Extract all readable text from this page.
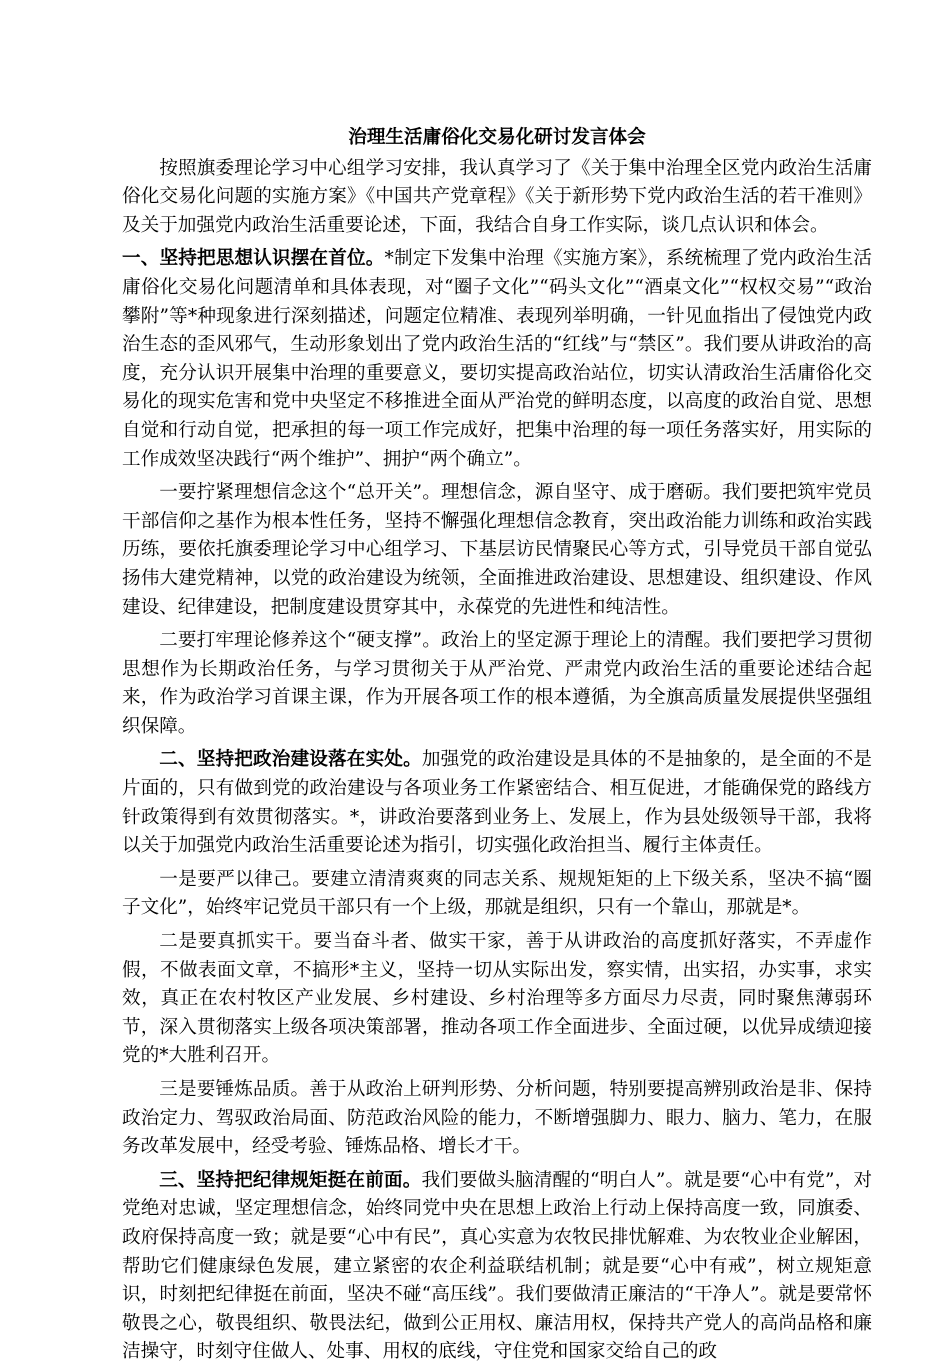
治理生活庸俗化交易化研讨发言体会

按照旗委理论学习中心组学习安排，我认真学习了《关于集中治理全区党内政治生活庸俗化交易化问题的实施方案》《中国共产党章程》《关于新形势下党内政治生活的若干准则》及关于加强党内政治生活重要论述，下面，我结合自身工作实际，谈几点认识和体会。

一、坚持把思想认识摆在首位。*制定下发集中治理《实施方案》，系统梳理了党内政治生活庸俗化交易化问题清单和具体表现，对“圈子文化”“码头文化”“酒桌文化”“权权交易”“政治攀附”等*种现象进行深刻描述，问题定位精准、表现列举明确，一针见血指出了侵蚀党内政治生态的歪风邪气，生动形象划出了党内政治生活的“红线”与“禁区”。我们要从讲政治的高度，充分认识开展集中治理的重要意义，要切实提高政治站位，切实认清政治生活庸俗化交易化的现实危害和党中央坚定不移推进全面从严治党的鲜明态度，以高度的政治自觉、思想自觉和行动自觉，把承担的每一项工作完成好，把集中治理的每一项任务落实好，用实际的工作成效坚决践行“两个维护”、拥护“两个确立”。

一要拧紧理想信念这个“总开关”。理想信念，源自坚守、成于磨砺。我们要把筑牢党员干部信仰之基作为根本性任务，坚持不懈强化理想信念教育，突出政治能力训练和政治实践历练，要依托旗委理论学习中心组学习、下基层访民情聚民心等方式，引导党员干部自觉弘扬伟大建党精神，以党的政治建设为统领，全面推进政治建设、思想建设、组织建设、作风建设、纪律建设，把制度建设贯穿其中，永葆党的先进性和纯洁性。

二要打牢理论修养这个“硬支撑”。政治上的坚定源于理论上的清醒。我们要把学习贯彻思想作为长期政治任务，与学习贯彻关于从严治党、严肃党内政治生活的重要论述结合起来，作为政治学习首课主课，作为开展各项工作的根本遵循，为全旗高质量发展提供坚强组织保障。

二、坚持把政治建设落在实处。加强党的政治建设是具体的不是抽象的，是全面的不是片面的，只有做到党的政治建设与各项业务工作紧密结合、相互促进，才能确保党的路线方针政策得到有效贯彻落实。*，讲政治要落到业务上、发展上，作为县处级领导干部，我将以关于加强党内政治生活重要论述为指引，切实强化政治担当、履行主体责任。

一是要严以律己。要建立清清爽爽的同志关系、规规矩矩的上下级关系，坚决不搞“圈子文化”，始终牢记党员干部只有一个上级，那就是组织，只有一个靠山，那就是*。

二是要真抓实干。要当奋斗者、做实干家，善于从讲政治的高度抓好落实，不弄虚作假，不做表面文章，不搞形*主义，坚持一切从实际出发，察实情，出实招，办实事，求实效，真正在农村牧区产业发展、乡村建设、乡村治理等多方面尽力尽责，同时聚焦薄弱环节，深入贯彻落实上级各项决策部署，推动各项工作全面进步、全面过硬，以优异成绩迎接党的*大胜利召开。

三是要锤炼品质。善于从政治上研判形势、分析问题，特别要提高辨别政治是非、保持政治定力、驾驭政治局面、防范政治风险的能力，不断增强脚力、眼力、脑力、笔力，在服务改革发展中，经受考验、锤炼品格、增长才干。

三、坚持把纪律规矩挺在前面。我们要做头脑清醒的“明白人”。就是要“心中有党”，对党绝对忠诚，坚定理想信念，始终同党中央在思想上政治上行动上保持高度一致，同旗委、政府保持高度一致；就是要“心中有民”，真心实意为农牧民排忧解难、为农牧业企业解困，帮助它们健康绿色发展，建立紧密的农企利益联结机制；就是要“心中有戒”，树立规矩意识，时刻把纪律挺在前面，坚决不碰“高压线”。我们要做清正廉洁的“干净人”。就是要常怀敬畏之心，敬畏组织、敬畏法纪，做到公正用权、廉洁用权，保持共产党人的高尚品格和廉洁操守，时刻守住做人、处事、用权的底线，守住党和国家交给自己的政
